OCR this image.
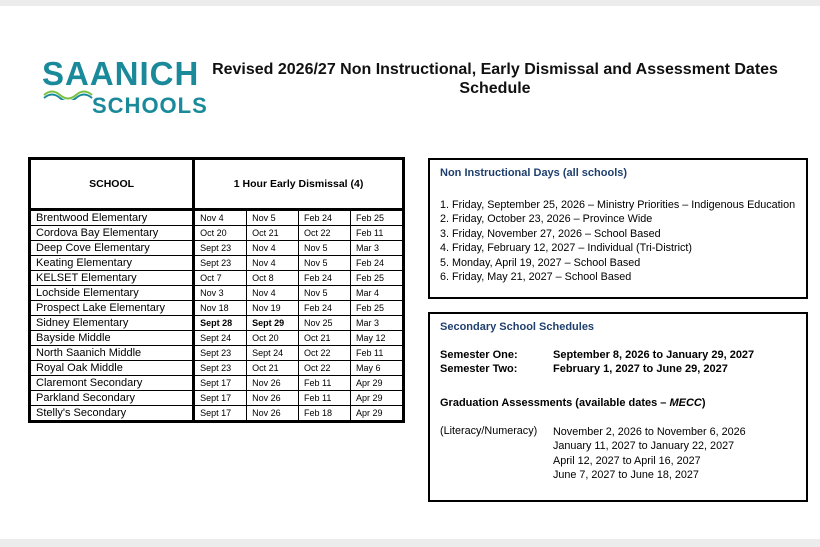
SAANICH
SCHOOLS
Revised 2026/27 Non Instructional, Early Dismissal and Assessment Dates
Schedule
SCHOOL	1 Hour Early Dismissal (4)			
Brentwood Elementary	Nov 4	Nov 5	Feb 24	Feb 25
Cordova Bay Elementary	Oct 20	Oct 21	Oct 22	Feb 11
Deep Cove Elementary	Sept 23	Nov 4	Nov 5	Mar 3
Keating Elementary	Sept 23	Nov 4	Nov 5	Feb 24
KELSET Elementary	Oct 7	Oct 8	Feb 24	Feb 25
Lochside Elementary	Nov 3	Nov 4	Nov 5	Mar 4
Prospect Lake Elementary	Nov 18	Nov 19	Feb 24	Feb 25
Sidney Elementary	Sept 28	Sept 29	Nov 25	Mar 3
Bayside Middle	Sept 24	Oct 20	Oct 21	May 12
North Saanich Middle	Sept 23	Sept 24	Oct 22	Feb 11
Royal Oak Middle	Sept 23	Oct 21	Oct 22	May 6
Claremont Secondary	Sept 17	Nov 26	Feb 11	Apr 29
Parkland Secondary	Sept 17	Nov 26	Feb 11	Apr 29
Stelly's Secondary	Sept 17	Nov 26	Feb 18	Apr 29
Non Instructional Days (all schools)
1. Friday, September 25, 2026 – Ministry Priorities – Indigenous Education
2. Friday, October 23, 2026 – Province Wide
3. Friday, November 27, 2026 – School Based
4. Friday, February 12, 2027 – Individual (Tri-District)
5. Monday, April 19, 2027 – School Based
6. Friday, May 21, 2027 – School Based
Secondary School Schedules
Semester One:	September 8, 2026 to January 29, 2027
Semester Two:	February 1, 2027 to June 29, 2027
Graduation Assessments (available dates – MECC)
(Literacy/Numeracy) November 2, 2026 to November 6, 2026
January 11, 2027 to January 22, 2027
April 12, 2027 to April 16, 2027
June 7, 2027 to June 18, 2027
